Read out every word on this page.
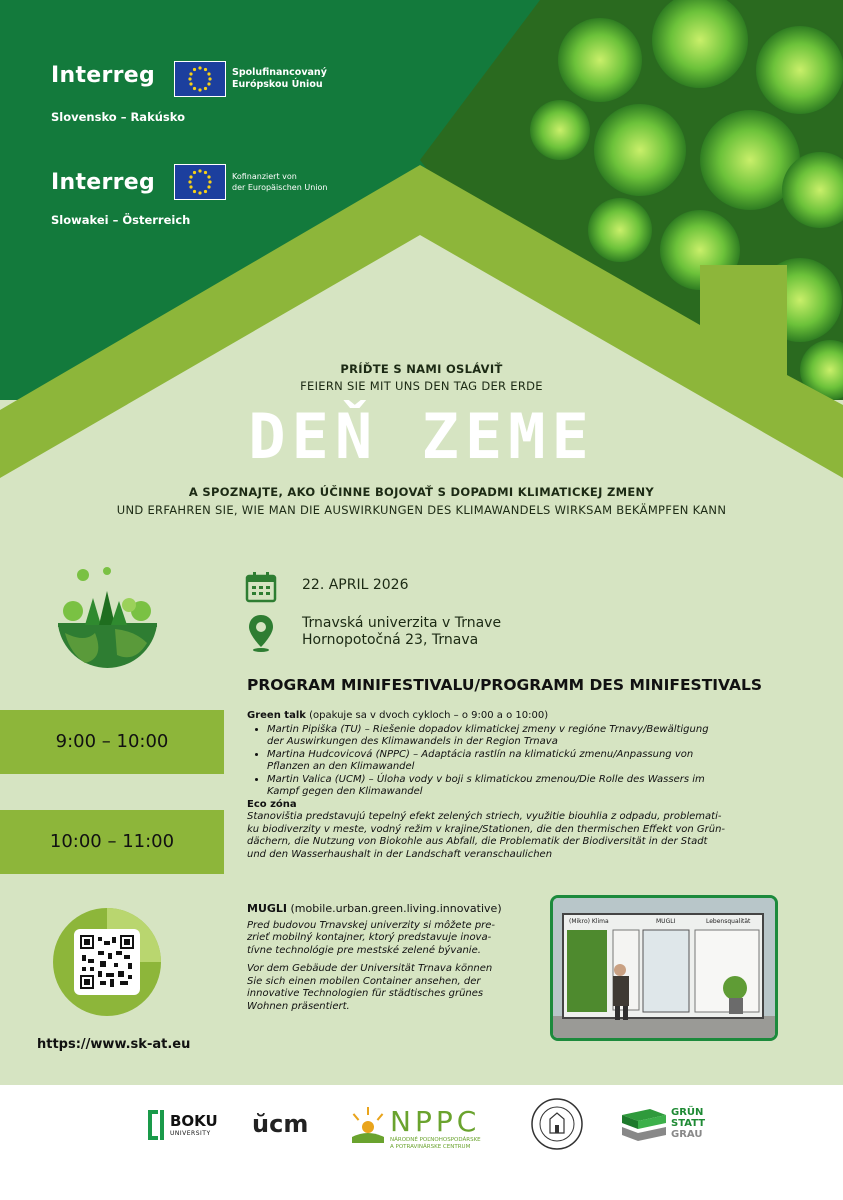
Interreg	Spolufinancovaný
Európskou Úniou
Slovensko – Rakúsko
Interreg	Kofinanziert von
der Europäischen Union
Slowakei – Österreich
PRÍĎTE S NAMI OSLÁVIŤ
FEIERN SIE MIT UNS DEN TAG DER ERDE
DEŇ ZEME
A SPOZNAJTE, AKO ÚČINNE BOJOVAŤ S DOPADMI KLIMATICKEJ ZMENY
UND ERFAHREN SIE, WIE MAN DIE AUSWIRKUNGEN DES KLIMAWANDELS WIRKSAM BEKÄMPFEN KANN
22. APRIL 2026
Trnavská univerzita v Trnave
Hornopotočná 23, Trnava
PROGRAM MINIFESTIVALU/PROGRAMM DES MINIFESTIVALS
9:00 – 10:00
10:00 – 11:00
Green talk (opakuje sa v dvoch cykloch – o 9:00 a o 10:00)
• Martin Pipiška (TU) – Riešenie dopadov klimatickej zmeny v regióne Trnavy/Bewältigung
der Auswirkungen des Klimawandels in der Region Trnava
• Martina Hudcovicová (NPPC) – Adaptácia rastlín na klimatickú zmenu/Anpassung von
Pflanzen an den Klimawandel
• Martin Valica (UCM) – Úloha vody v boji s klimatickou zmenou/Die Rolle des Wassers im
Kampf gegen den Klimawandel
Eco zóna
Stanovištia predstavujú tepelný efekt zelených striech, využitie biouhlia z odpadu, problemati-
ku biodiverzity v meste, vodný režim v krajine/Stationen, die den thermischen Effekt von Grün-
dächern, die Nutzung von Biokohle aus Abfall, die Problematik der Biodiversität in der Stadt
und den Wasserhaushalt in der Landschaft veranschaulichen
https://www.sk-at.eu
MUGLI (mobile.urban.green.living.innovative)
Pred budovou Trnavskej univerzity si môžete pre-
zrieť mobilný kontajner, ktorý predstavuje inova-
tívne technológie pre mestské zelené bývanie.
Vor dem Gebäude der Universität Trnava können
Sie sich einen mobilen Container ansehen, der
innovative Technologien für städtisches grünes
Wohnen präsentiert.
(Mikro) Klima	MUGLI	Lebensqualität
BOKU
UNIVERSITY ŭcm	NPPC
NÁRODNÉ POĽNOHOSPODÁRSKE
A POTRAVINÁRSKE CENTRUM
GRÜN
STATT
GRAU
